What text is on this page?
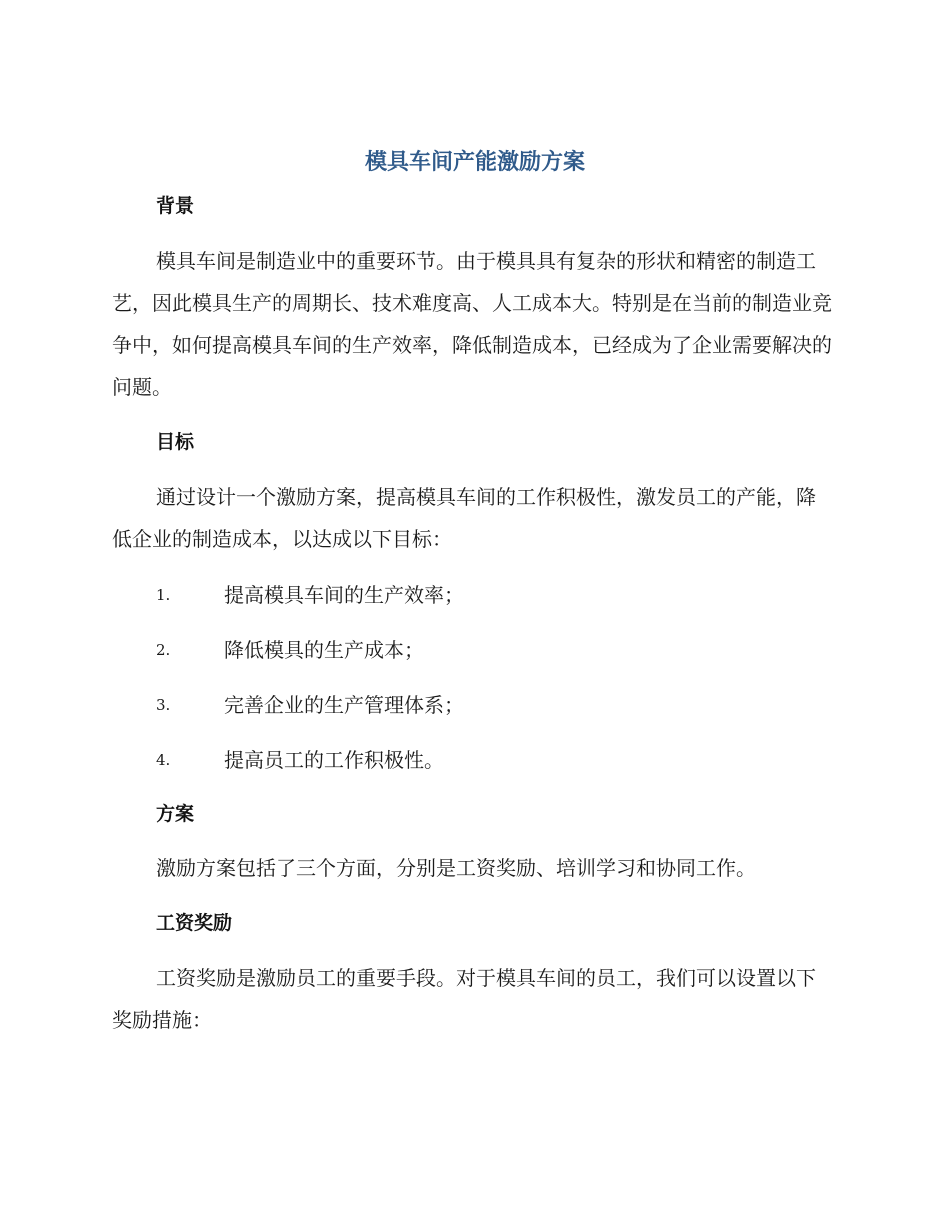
模具车间产能激励方案
背景

模具车间是制造业中的重要环节。由于模具具有复杂的形状和精密的制造工艺，因此模具生产的周期长、技术难度高、人工成本大。特别是在当前的制造业竞争中，如何提高模具车间的生产效率，降低制造成本，已经成为了企业需要解决的问题。

目标

通过设计一个激励方案，提高模具车间的工作积极性，激发员工的产能，降低企业的制造成本，以达成以下目标：

1.	提高模具车间的生产效率；
2.	降低模具的生产成本；
3.	完善企业的生产管理体系；
4.	提高员工的工作积极性。
方案

激励方案包括了三个方面，分别是工资奖励、培训学习和协同工作。

工资奖励

工资奖励是激励员工的重要手段。对于模具车间的员工，我们可以设置以下奖励措施：
